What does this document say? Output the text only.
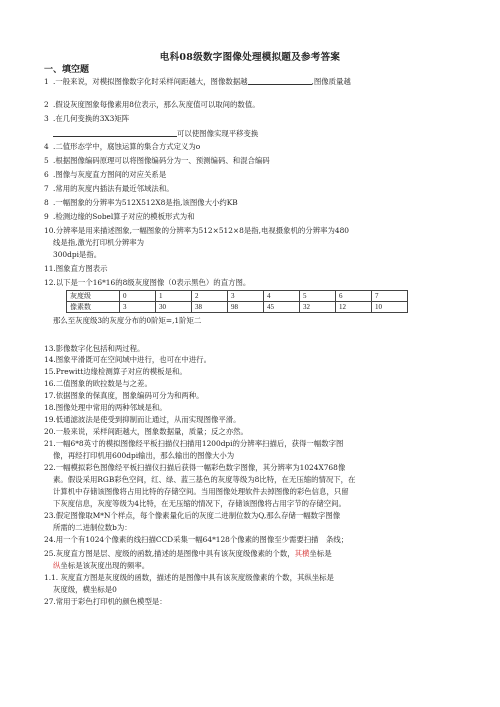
电科08级数字图像处理模拟题及参考答案
一、填空题
1 .一般来说，对模拟图像数字化时采样间距越大，图像数据越	,图像质量越
2 .假设灰度图象每像素用8位表示，那么灰度值可以取间的数值。
3 .在几何变换的3X3矩阵
可以使图像实现平移变换
4 .二值形态学中，腐蚀运算的集合方式定义为o
5 .根据图像编码原理可以将图像编码分为一、预测编码、和混合编码
6 .图像与灰度直方图间的对应关系是
7 .常用的灰度内插法有最近邻域法和。
8 .一幅图象的分辨率为512X512X8是指,该图像大小约KB
9 .检测边缘的Sobel算子对应的模板形式为和
10.分辨率是用来描述图象,一幅图象的分辨率为512×512×8是指,电视摄象机的分辨率为480
线是指,激光打印机分辨率为
300dpi是指。
11.图象直方图表示
12.以下是一个16*16的8级灰度图像（0表示黑色）的直方图。
那么至灰度级3的灰度分布的0阶矩=,1阶矩二
13.影像数字化包括和两过程。
14.图象平滑既可在空间域中进行，也可在中进行。
15.Prewitt边缘检测算子对应的模板是和。
16.二值图象的欧拉数是与之差。
17.依据图象的保真度，图象编码可分为和两种。
18.图像处理中常用的两种邻域是和。
19.低通滤波法是使受到抑制而让通过，从而实现图像平滑。
20.一般来说，采样间距越大，图象数据量，质量；反之亦然。
21.一幅6*8英寸的模拟图像经平板扫描仪扫描用1200dpi的分辨率扫描后，获得一幅数字图
像，再经打印机用600dpi输出，那么输出的图像大小为
22.一幅模拟彩色图像经平板扫描仪扫描后获得一幅彩色数字图像，其分辨率为1024X768像
素。假设采用RGB彩色空间，红、绿、蓝三基色的灰度等级为8比特，在无压缩的情况下，在
计算机中存储该图像将占用比特的存储空间。当用图像处理软件去掉图像的彩色信息，只留
下灰度信息，灰度等级为4比特，在无压缩的情况下，存储该图像将占用字节的存储空间。
23.假定图像取M*N个样点，每个像素量化后的灰度二进制位数为Q,那么存储一幅数字图像
所需的二进制位数b为：
24.用一个有1024个像素的线扫描CCD采集一幅64*128个像素的图像至少需要扫描　条线；
25.灰度直方图是层、度级的函数,描述的是图像中具有该灰度级像素的个数，其横坐标是
纵坐标是该灰度出现的频率。
1.1. 灰度直方图是灰度级的函数，描述的是图像中具有该灰度级像素的个数，其纵坐标是
灰度级，横坐标是0
27.常用于彩色打印机的颜色模型是：
灰度级	0	1	2	3	4	5	6	7
像素数	3	30	38	98	45	32	12	10
